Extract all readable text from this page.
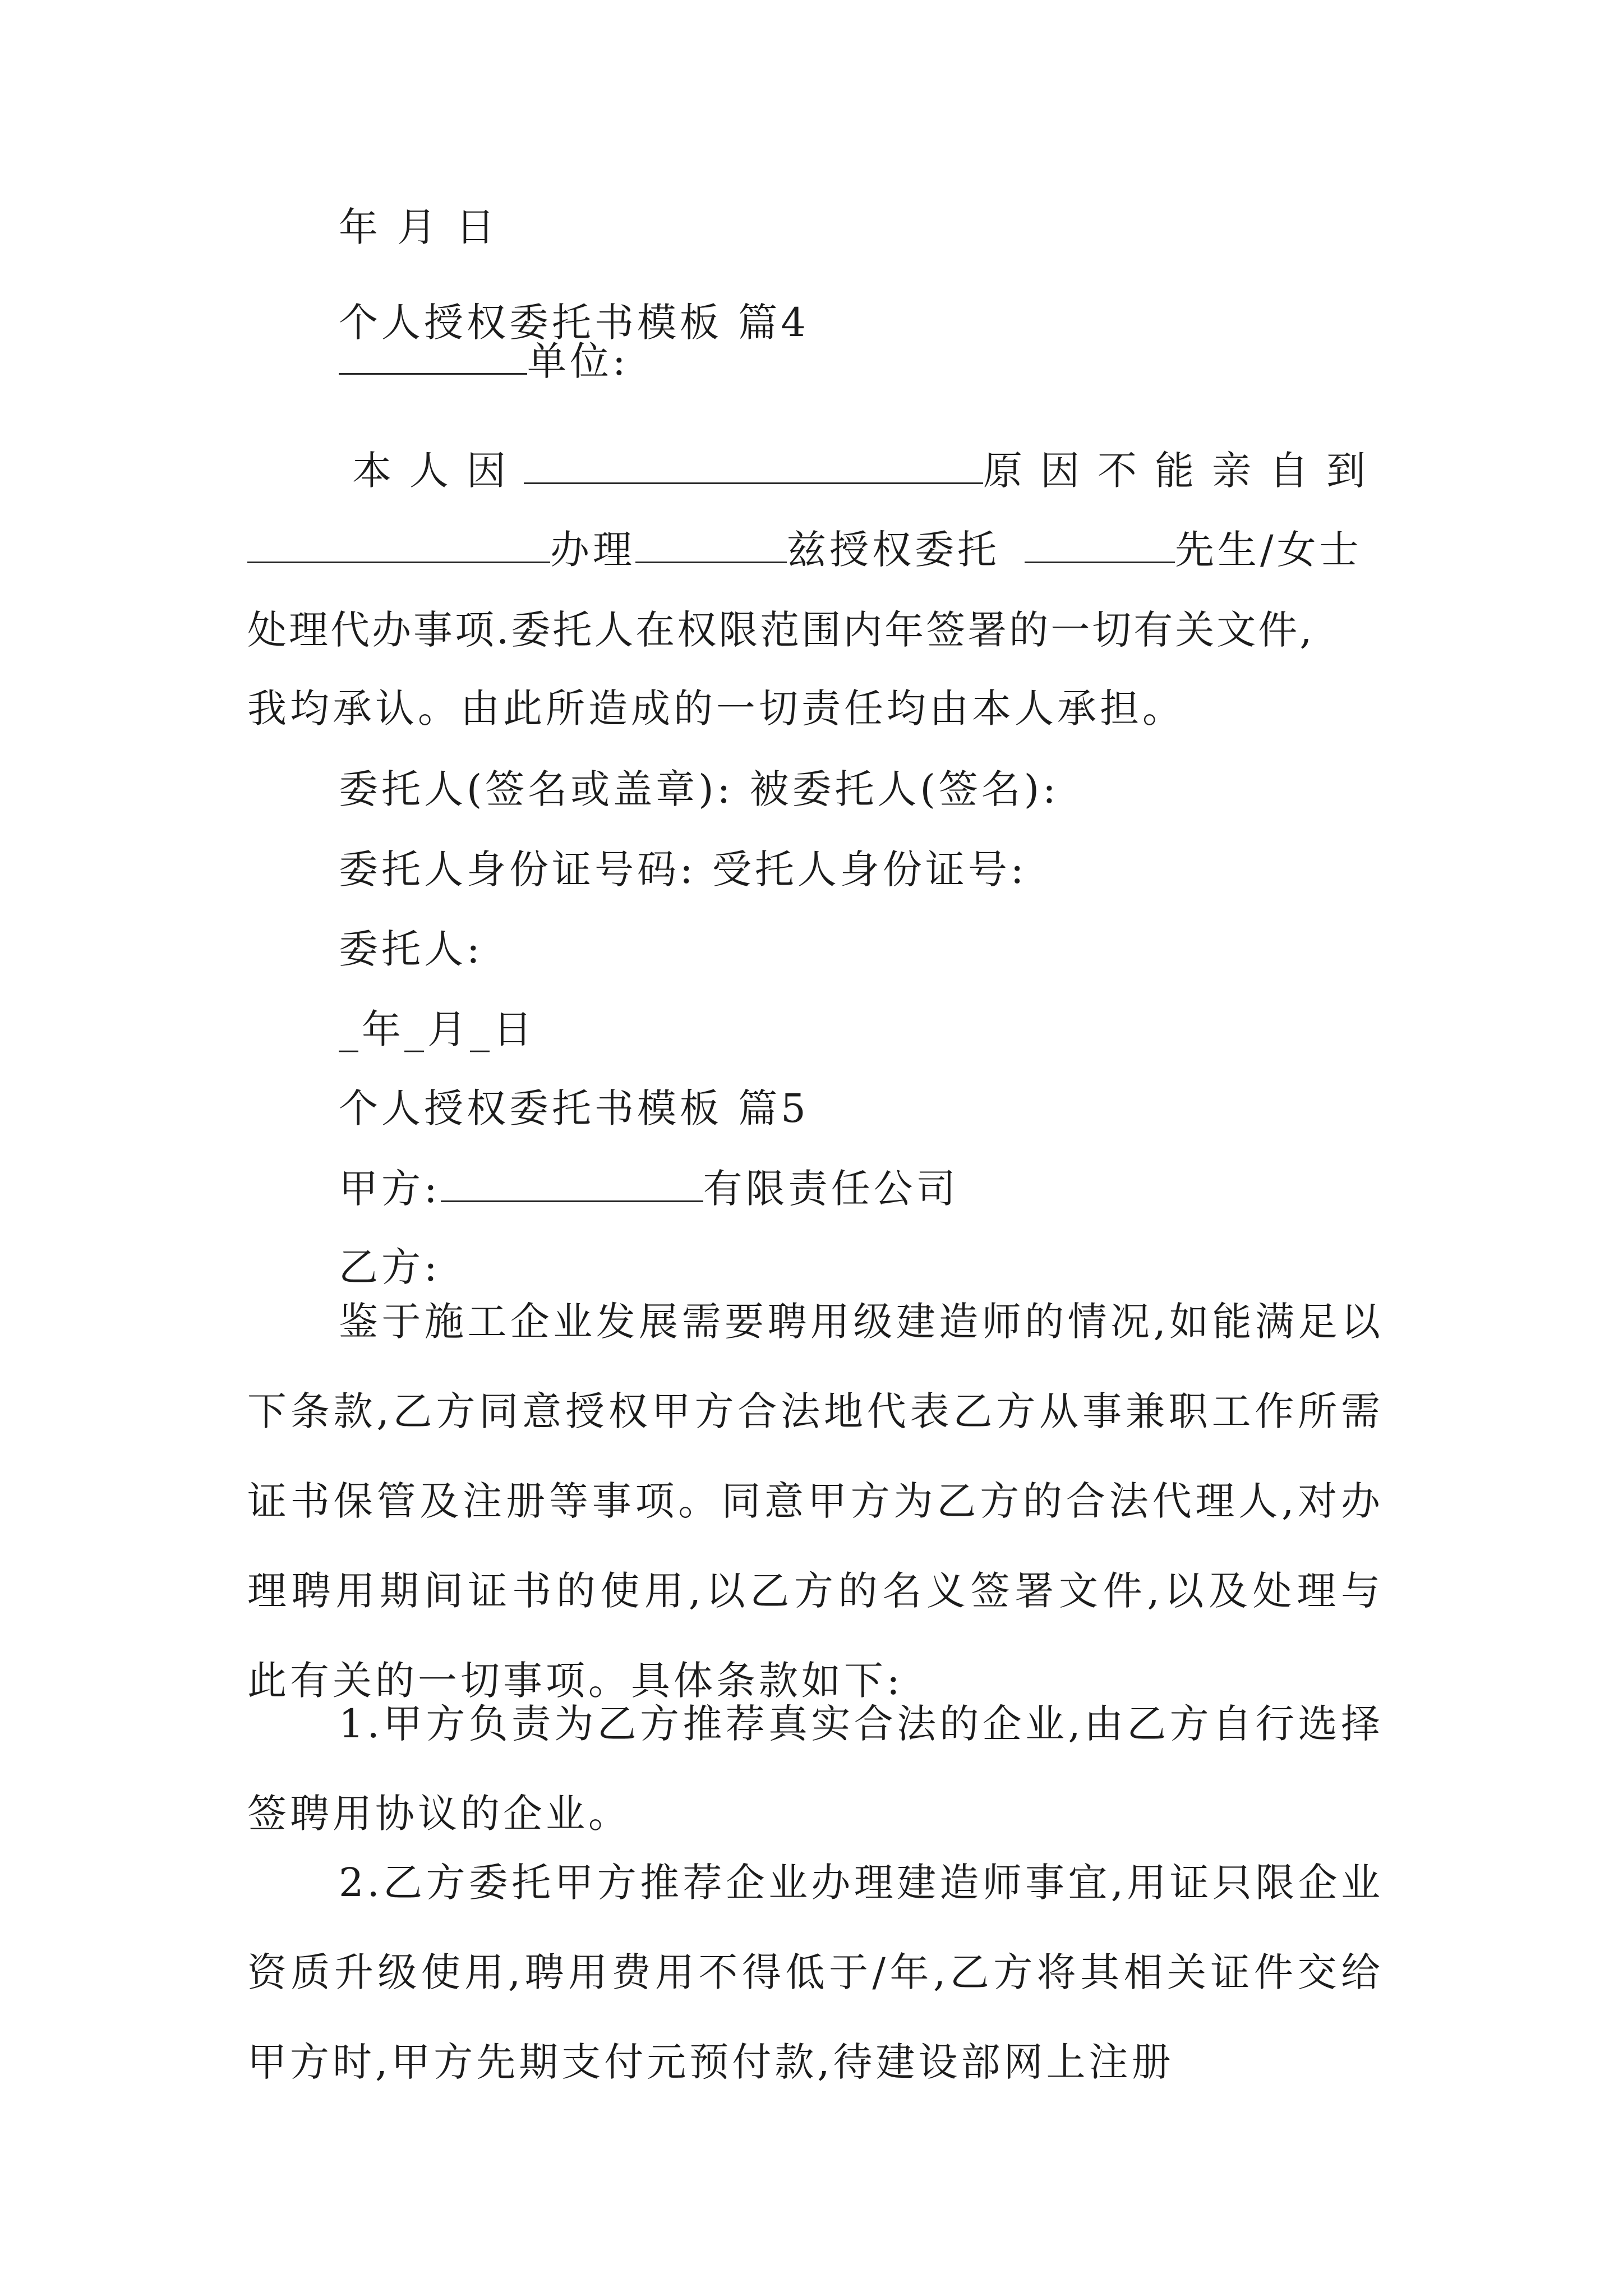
年 月 日
个人授权委托书模板 篇4
单位:
本人因	原因不能亲自到
办理	兹授权委托	先生/女士
处理代办事项.委托人在权限范围内年签署的一切有关文件,
我均承认。由此所造成的一切责任均由本人承担。
委托人(签名或盖章): 被委托人(签名):
委托人身份证号码: 受托人身份证号:
委托人:
_年_月_日
个人授权委托书模板 篇5
甲方:	有限责任公司
乙方:

鉴于施工企业发展需要聘用级建造师的情况,如能满足以下条款,乙方同意授权甲方合法地代表乙方从事兼职工作所需证书保管及注册等事项。同意甲方为乙方的合法代理人,对办理聘用期间证书的使用,以乙方的名义签署文件,以及处理与此有关的一切事项。具体条款如下:

1.甲方负责为乙方推荐真实合法的企业,由乙方自行选择签聘用协议的企业。

2.乙方委托甲方推荐企业办理建造师事宜,用证只限企业资质升级使用,聘用费用不得低于/年,乙方将其相关证件交给甲方时,甲方先期支付元预付款,待建设部网上注册
